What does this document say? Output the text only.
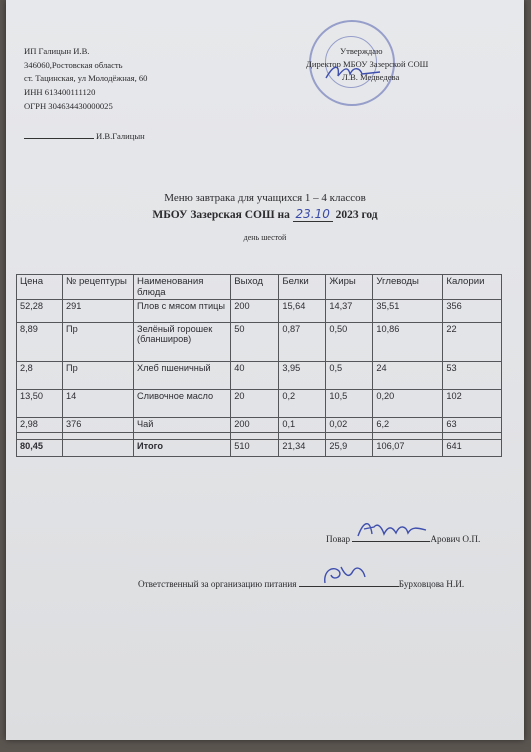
ИП Галицын И.В.
346060,Ростовская область
ст. Тацинская, ул Молодёжная, 60
ИНН 613400111120
ОГРН 304634430000025
И.В.Галицын
Утверждаю
Директор МБОУ Зазерской СОШ
Л.В. Медведева
Меню завтрака для учащихся 1 – 4 классов
МБОУ Зазерская СОШ на 23.10 2023 год
день шестой
Цена	№ рецептуры	Наименования блюда	Выход	Белки	Жиры	Углеводы	Калории
52,28	291	Плов с мясом птицы	200	15,64	14,37	35,51	356
8,89	Пр	Зелёный горошек (бланширов)	50	0,87	0,50	10,86	22
2,8	Пр	Хлеб пшеничный	40	3,95	0,5	24	53
13,50	14	Сливочное масло	20	0,2	10,5	0,20	102
2,98	376	Чай	200	0,1	0,02	6,2	63

80,45		Итого	510	21,34	25,9	106,07	641
Повар	Арович О.П.
Ответственный за организацию питания	Бурховцова Н.И.
